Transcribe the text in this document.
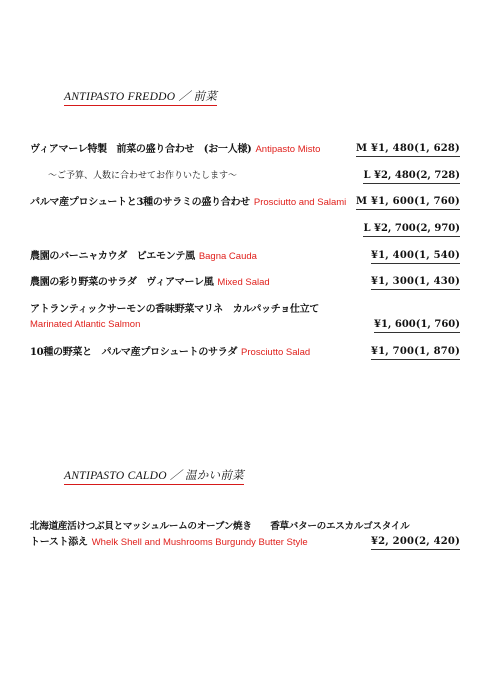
ANTIPASTO FREDDO ／ 前菜
ヴィアマーレ特製　前菜の盛り合わせ　(お一人様) Antipasto Misto	M ¥1, 480(1, 628)
～ご予算、人数に合わせてお作りいたします～	L ¥2, 480(2, 728)
パルマ産プロシュートと3種のサラミの盛り合わせ Prosciutto and Salami M ¥1, 600(1, 760)
L ¥2, 700(2, 970)
農園のバーニャカウダ　ピエモンテ風 Bagna Cauda	¥1, 400(1, 540)
農園の彩り野菜のサラダ　ヴィアマーレ風 Mixed Salad	¥1, 300(1, 430)
アトランティックサーモンの香味野菜マリネ　カルパッチョ仕立て
Marinated Atlantic Salmon	¥1, 600(1, 760)
10種の野菜と　パルマ産プロシュートのサラダ Prosciutto Salad	¥1, 700(1, 870)
ANTIPASTO CALDO ／ 温かい前菜
北海道産活けつぶ貝とマッシュルームのオーブン焼き　　香草バターのエスカルゴスタイル
トースト添え Whelk Shell and Mushrooms Burgundy Butter Style	¥2, 200(2, 420)
